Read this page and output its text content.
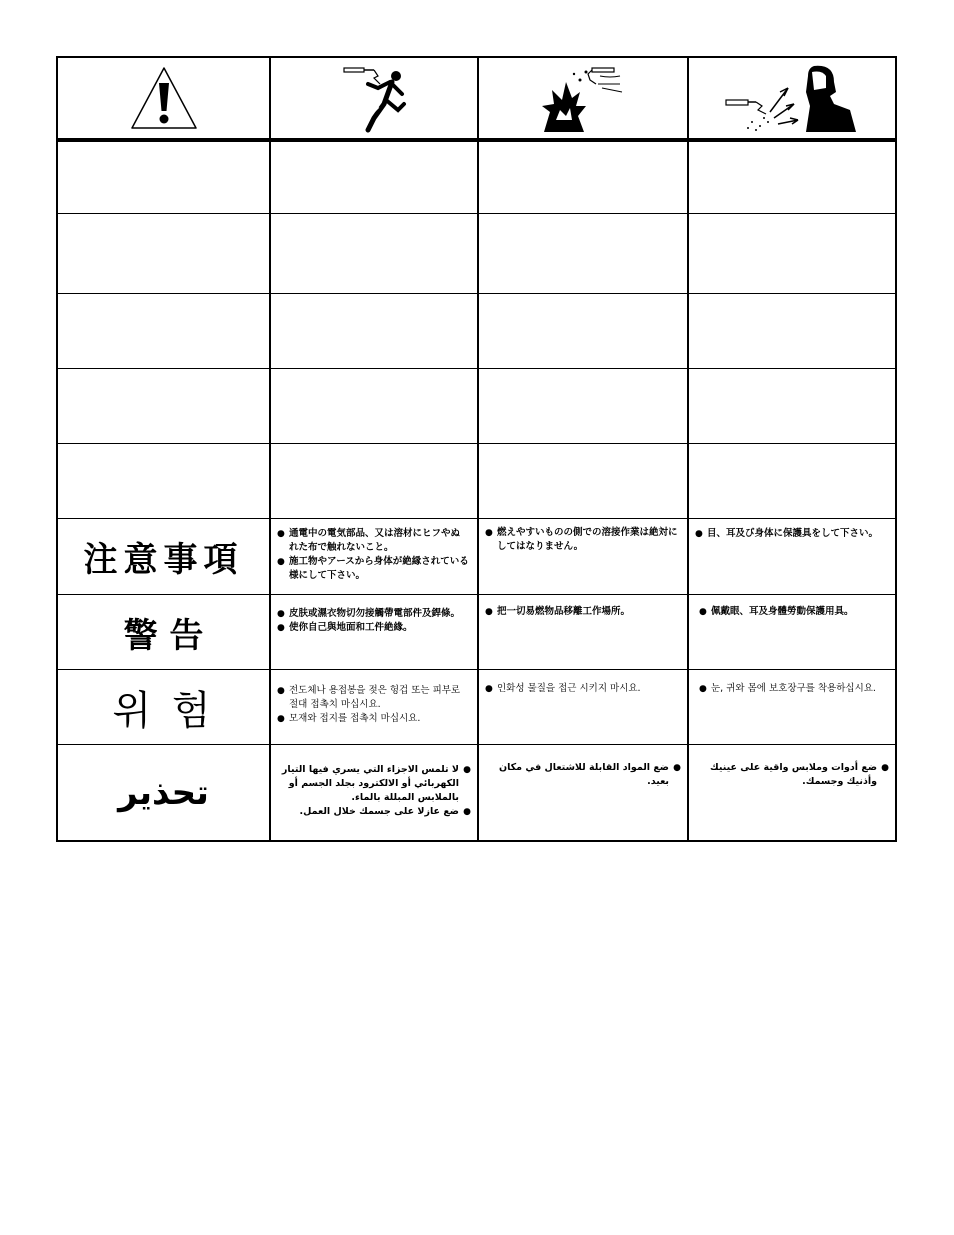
注意事項
警 告
위 험
تحذير
● 通電中の電気部品、又は溶材にヒフやぬれた布で触れないこと。
● 施工物やアースから身体が絶縁されている様にして下さい。
● 燃えやすいものの側での溶接作業は絶対にしてはなりません。
● 目、耳及び身体に保護具をして下さい。
● 皮肤或濕衣物切勿接觸帶電部件及銲條。
● 使你自己與地面和工件絶緣。
● 把一切易燃物品移離工作場所。	● 佩戴眼、耳及身體勞動保護用具。
● 전도체나 용접봉을 젖은 헝겁 또는 피부로 절대 접촉치 마십시요.
● 모재와 접지를 접촉치 마십시요.
● 인화성 물질을 접근 시키지 마시요.	● 눈, 귀와 몸에 보호장구를 착용하십시요.
● لا تلمس الاجزاء التي يسري فيها التيار الكهربائي أو الالكترود بجلد الجسم أو بالملابس المبللة بالماء.
● ضع عازلا على جسمك خلال العمل.
● ضع المواد القابلة للاشتعال في مكان بعيد.
● ضع أدوات وملابس واقية على عينيك وأذنيك وجسمك.
